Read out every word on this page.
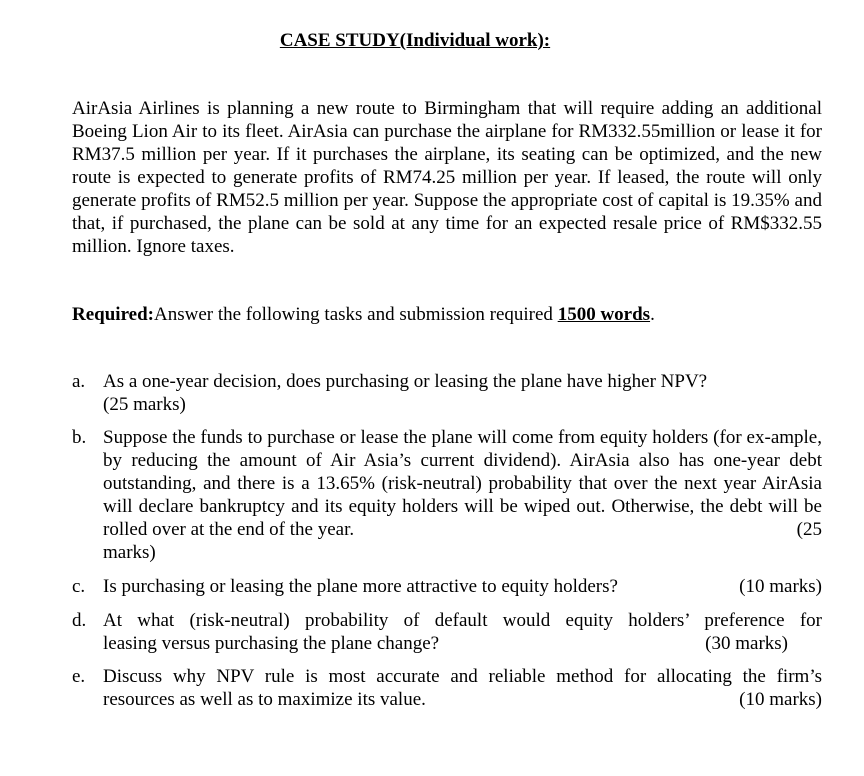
CASE STUDY(Individual work):
AirAsia Airlines is planning a new route to Birmingham that will require adding an additional Boeing Lion Air to its fleet. AirAsia can purchase the airplane for RM332.55million or lease it for RM37.5 million per year. If it purchases the airplane, its seating can be optimized, and the new route is expected to generate profits of RM74.25 million per year. If leased, the route will only generate profits of RM52.5 million per year. Suppose the appropriate cost of capital is 19.35% and that, if purchased, the plane can be sold at any time for an expected resale price of RM$332.55 million. Ignore taxes.
Required:Answer the following tasks and submission required 1500 words.
a. As a one-year decision, does purchasing or leasing the plane have higher NPV?
(25 marks)
b. Suppose the funds to purchase or lease the plane will come from equity holders (for ex-ample, by reducing the amount of Air Asia’s current dividend). AirAsia also has one-year debt outstanding, and there is a 13.65% (risk-neutral) probability that over the next year AirAsia will declare bankruptcy and its equity holders will be wiped out. Otherwise, the debt will be rolled over at the end of the year.	(25
marks)
c. Is purchasing or leasing the plane more attractive to equity holders?	(10 marks)
d. At what (risk-neutral) probability of default would equity holders’ preference for
leasing versus purchasing the plane change?	(30 marks)
e. Discuss why NPV rule is most accurate and reliable method for allocating the firm’s
resources as well as to maximize its value.	(10 marks)
